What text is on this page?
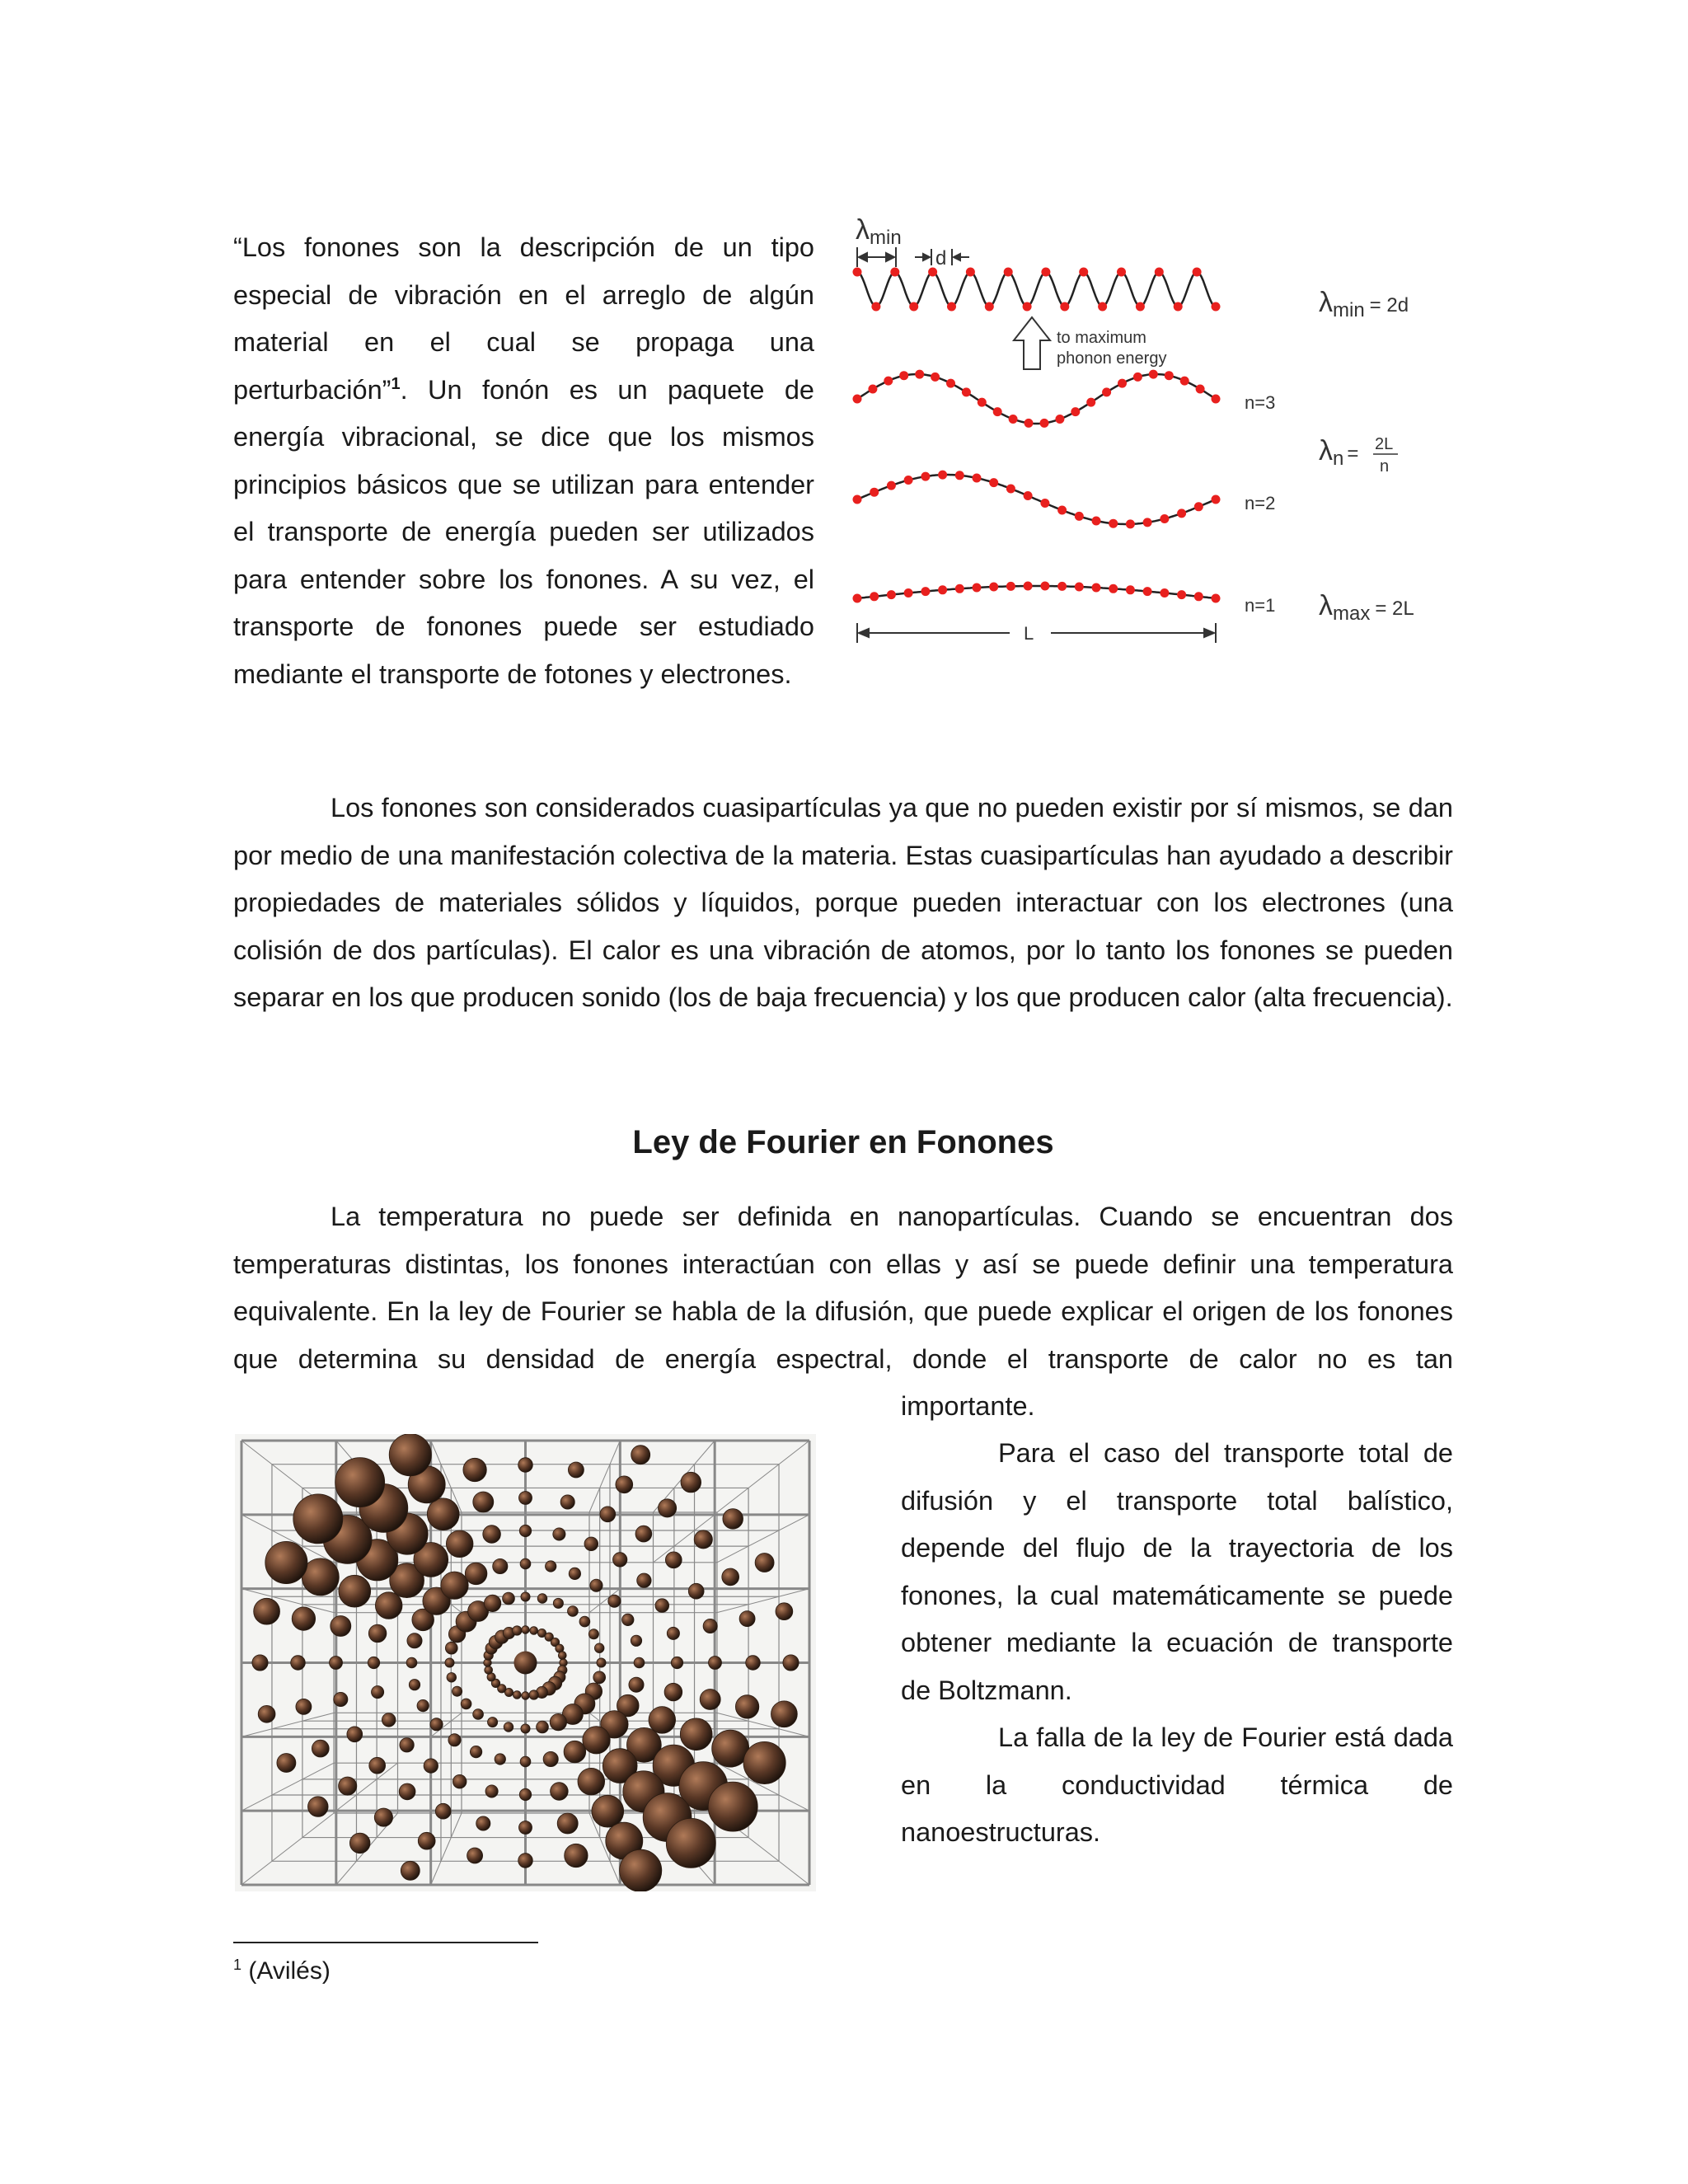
“Los fonones son la descripción de un tipo especial de vibración en el arreglo de algún material en el cual se propaga una perturbación”$^1$. Un fonón es un paquete de energía vibracional, se dice que los mismos principios básicos que se utilizan para entender el transporte de energía pueden ser utilizados para entender sobre los fonones. A su vez, el transporte de fonones puede ser estudiado mediante el transporte de fotones y electrones.

λmin
d
to maximum
phonon energy
n=3
n=2
n=1
L
λmin = 2d
λn = 2L
n
λmax = 2L

Los fonones son considerados cuasipartículas ya que no pueden existir por sí mismos, se dan por medio de una manifestación colectiva de la materia. Estas cuasipartículas han ayudado a describir propiedades de materiales sólidos y líquidos, porque pueden interactuar con los electrones (una colisión de dos partículas). El calor es una vibración de atomos, por lo tanto los fonones se pueden separar en los que producen sonido (los de baja frecuencia) y los que producen calor (alta frecuencia).

Ley de Fourier en Fonones

La temperatura no puede ser definida en nanopartículas. Cuando se encuentran dos temperaturas distintas, los fonones interactúan con ellas y así se puede definir una temperatura equivalente. En la ley de Fourier se habla de la difusión, que puede explicar el origen de los fonones que determina su densidad de energía espectral, donde el transporte de calor no es tan

importante.

Para el caso del transporte total de difusión y el transporte total balístico, depende del flujo de la trayectoria de los fonones, la cual matemáticamente se puede obtener mediante la ecuación de transporte de Boltzmann.

La falla de la ley de Fourier está dada en la conductividad térmica de nanoestructuras.

$^1$ (Avilés)
